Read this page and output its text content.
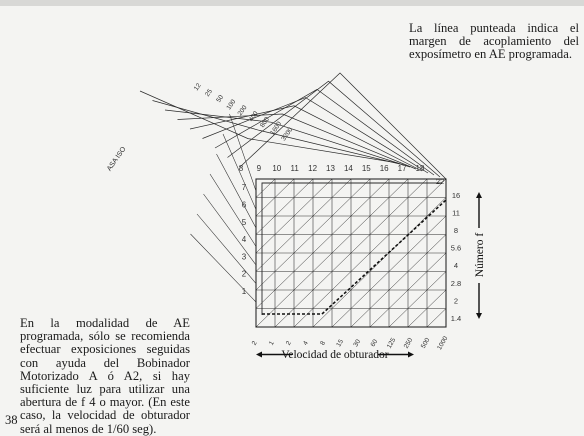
ASA ISO
12
25
50 100 200 400 800
1600
3200
8 9 10 11 12 13 14 15 16 17 18
22
1
2
3
4
5
6
7
1.4
2
2.8
4
5.6
8
11
16
2 1 2 4 8 15 30 60 125 250 500 1000
Velocidad de obturador
Número f
La línea punteada indica el margen de acoplamiento del exposímetro en AE programada.
En la modalidad de AE programada, sólo se recomienda efectuar exposiciones seguidas con ayuda del Bobinador Motorizado A ó A2, si hay suficiente luz para utilizar una abertura de f 4 o mayor. (En este caso, la velocidad de obturador será al menos de 1/60 seg).
38
